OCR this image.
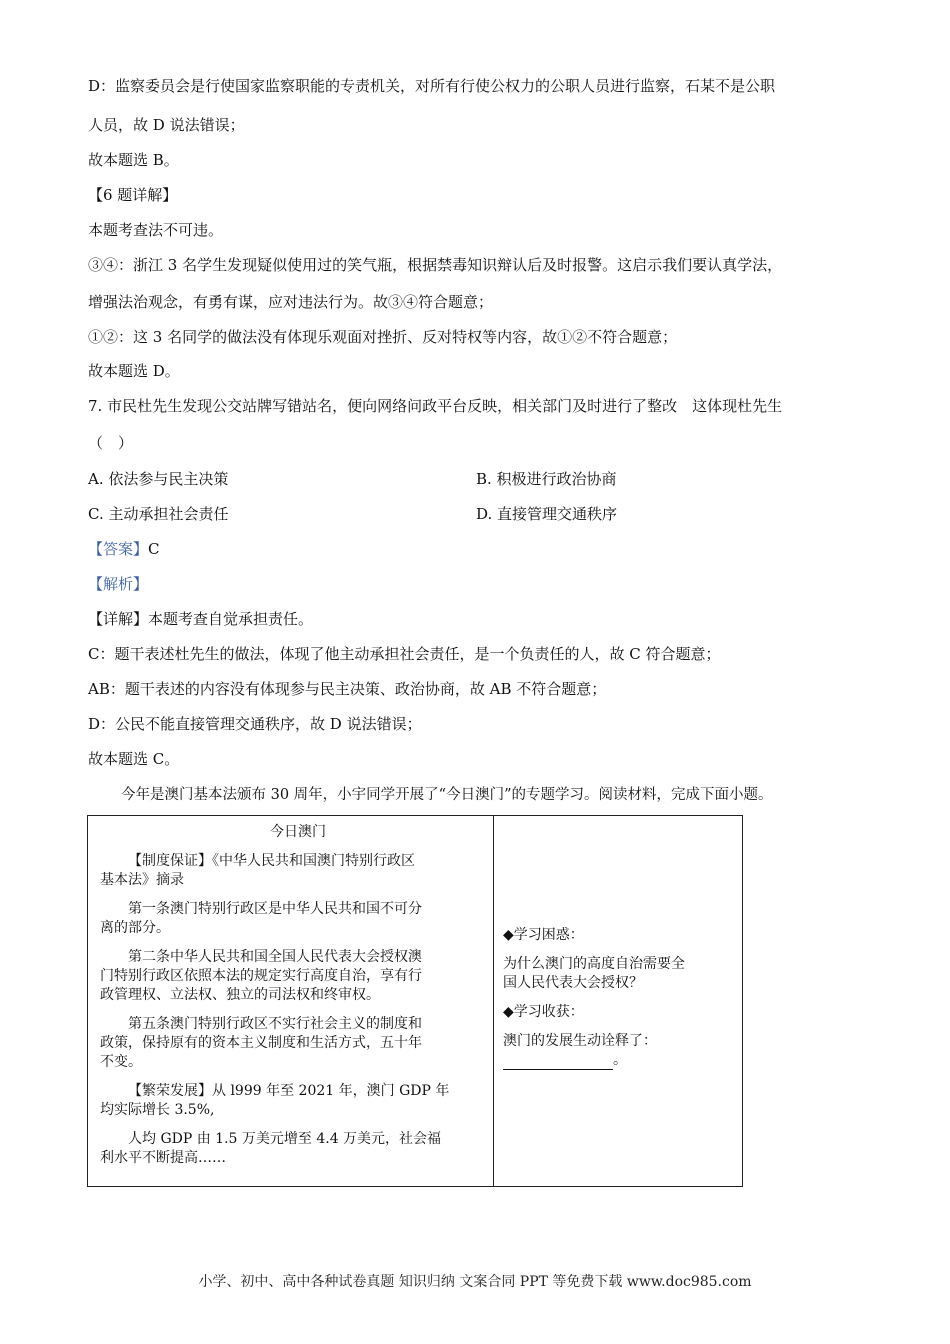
D：监察委员会是行使国家监察职能的专责机关，对所有行使公权力的公职人员进行监察，石某不是公职
人员，故 D 说法错误；
故本题选 B。
【6 题详解】
本题考查法不可违。
③④：浙江 3 名学生发现疑似使用过的笑气瓶，根据禁毒知识辩认后及时报警。这启示我们要认真学法，
增强法治观念，有勇有谋，应对违法行为。故③④符合题意；
①②：这 3 名同学的做法没有体现乐观面对挫折、反对特权等内容，故①②不符合题意；
故本题选 D。
7. 市民杜先生发现公交站牌写错站名，便向网络问政平台反映，相关部门及时进行了整改　这体现杜先生
（　）
A. 依法参与民主决策	B. 积极进行政治协商
C. 主动承担社会责任	D. 直接管理交通秩序
【答案】C
【解析】
【详解】本题考查自觉承担责任。
C：题干表述杜先生的做法，体现了他主动承担社会责任，是一个负责任的人，故 C 符合题意；
AB：题干表述的内容没有体现参与民主决策、政治协商，故 AB 不符合题意；
D：公民不能直接管理交通秩序，故 D 说法错误；
故本题选 C。
今年是澳门基本法颁布 30 周年，小宇同学开展了“今日澳门”的专题学习。阅读材料，完成下面小题。
今日澳门

【制度保证】《中华人民共和国澳门特别行政区

基本法》摘录

第一条澳门特别行政区是中华人民共和国不可分

离的部分。

第二条中华人民共和国全国人民代表大会授权澳

门特别行政区依照本法的规定实行高度自治，享有行

政管理权、立法权、独立的司法权和终审权。

第五条澳门特别行政区不实行社会主义的制度和

政策，保持原有的资本主义制度和生活方式，五十年

不变。

【繁荣发展】从 l999 年至 2021 年，澳门 GDP 年

均实际增长 3.5%,

人均 GDP 由 1.5 万美元增至 4.4 万美元，社会福

利水平不断提高……

◆学习困惑：

为什么澳门的高度自治需要全

国人民代表大会授权？

◆学习收获：

澳门的发展生动诠释了：

。

小学、初中、高中各种试卷真题 知识归纳 文案合同 PPT 等免费下载 www.doc985.com
